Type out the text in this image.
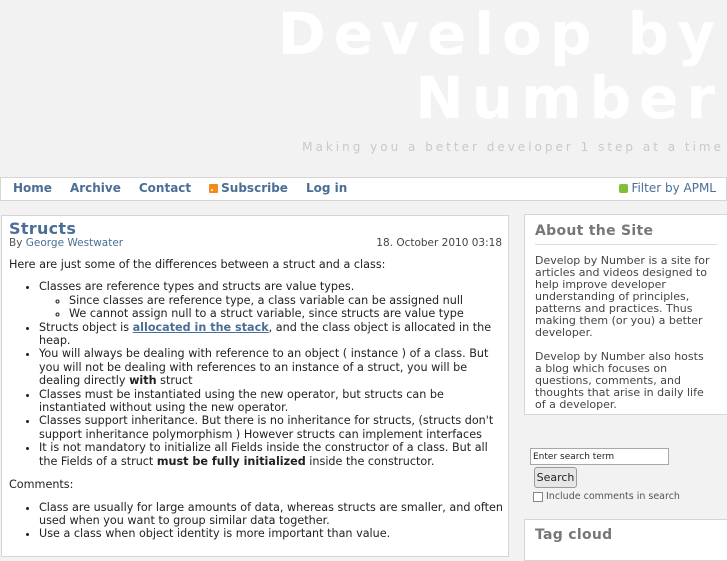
Develop by
Number

Making you a better developer 1 step at a time

Home Archive Contact	Subscribe Log in	Filter by APML
Structs
By George Westwater	18. October 2010 03:18

Here are just some of the differences between a struct and a class:

• Classes are reference types and structs are value types.
◦ Since classes are reference type, a class variable can be assigned null
◦ We cannot assign null to a struct variable, since structs are value type
• Structs object is allocated in the stack, and the class object is allocated in the heap.
• You will always be dealing with reference to an object ( instance ) of a class. But you will not be dealing with references to an instance of a struct, you will be dealing directly with struct
• Classes must be instantiated using the new operator, but structs can be instantiated without using the new operator.
• Classes support inheritance. But there is no inheritance for structs, (structs don't support inheritance polymorphism ) However structs can implement interfaces
• It is not mandatory to initialize all Fields inside the constructor of a class. But all the Fields of a struct must be fully initialized inside the constructor.

Comments:

• Class are usually for large amounts of data, whereas structs are smaller, and often used when you want to group similar data together.
• Use a class when object identity is more important than value.
About the Site

Develop by Number is a site for articles and videos designed to help improve developer understanding of principles, patterns and practices. Thus making them (or you) a better developer.

Develop by Number also hosts a blog which focuses on questions, comments, and thoughts that arise in daily life of a developer.

Enter search term
Search
Include comments in search
Tag cloud
